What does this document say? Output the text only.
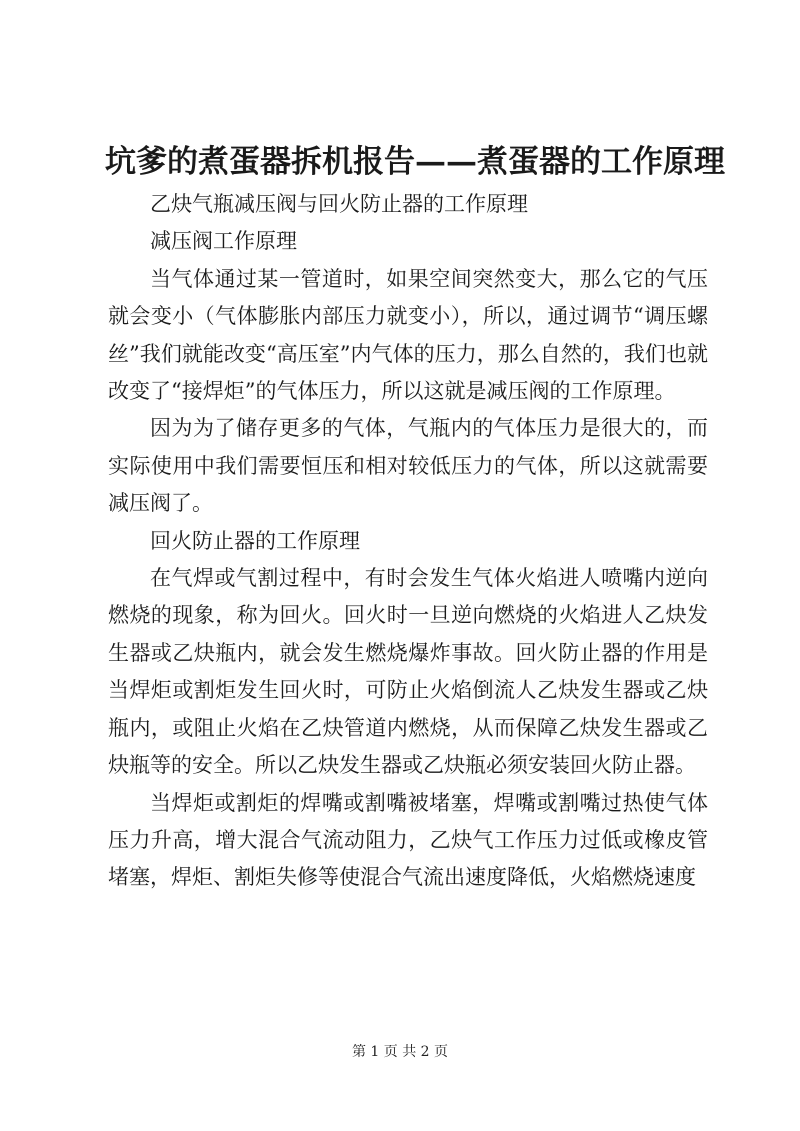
坑爹的煮蛋器拆机报告——煮蛋器的工作原理

乙炔气瓶减压阀与回火防止器的工作原理

减压阀工作原理

当气体通过某一管道时，如果空间突然变大，那么它的气压就会变小（气体膨胀内部压力就变小），所以，通过调节“调压螺丝”我们就能改变“高压室”内气体的压力，那么自然的，我们也就改变了“接焊炬”的气体压力，所以这就是减压阀的工作原理。

因为为了储存更多的气体，气瓶内的气体压力是很大的，而实际使用中我们需要恒压和相对较低压力的气体，所以这就需要减压阀了。

回火防止器的工作原理

在气焊或气割过程中，有时会发生气体火焰进人喷嘴内逆向燃烧的现象，称为回火。回火时一旦逆向燃烧的火焰进人乙炔发生器或乙炔瓶内，就会发生燃烧爆炸事故。回火防止器的作用是当焊炬或割炬发生回火时，可防止火焰倒流人乙炔发生器或乙炔瓶内，或阻止火焰在乙炔管道内燃烧，从而保障乙炔发生器或乙炔瓶等的安全。所以乙炔发生器或乙炔瓶必须安装回火防止器。

当焊炬或割炬的焊嘴或割嘴被堵塞，焊嘴或割嘴过热使气体压力升高，增大混合气流动阻力，乙炔气工作压力过低或橡皮管堵塞，焊炬、割炬失修等使混合气流出速度降低，火焰燃烧速度

第 1 页 共 2 页
